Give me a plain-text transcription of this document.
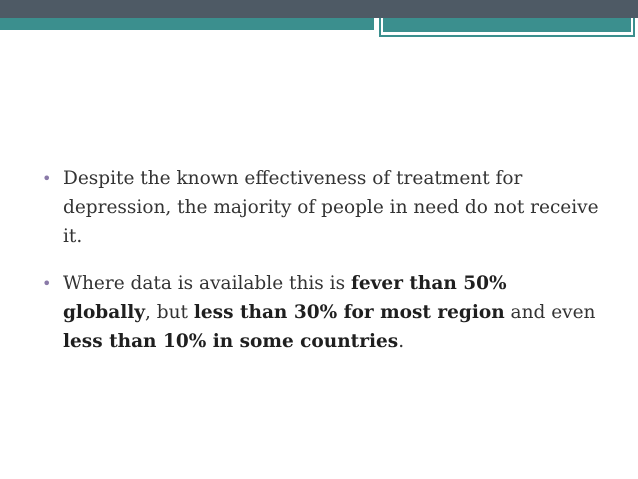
• Despite the known effectiveness of treatment for depression, the majority of people in need do not receive it.
• Where data is available this is fever than 50% globally, but less than 30% for most region and even less than 10% in some countries.
